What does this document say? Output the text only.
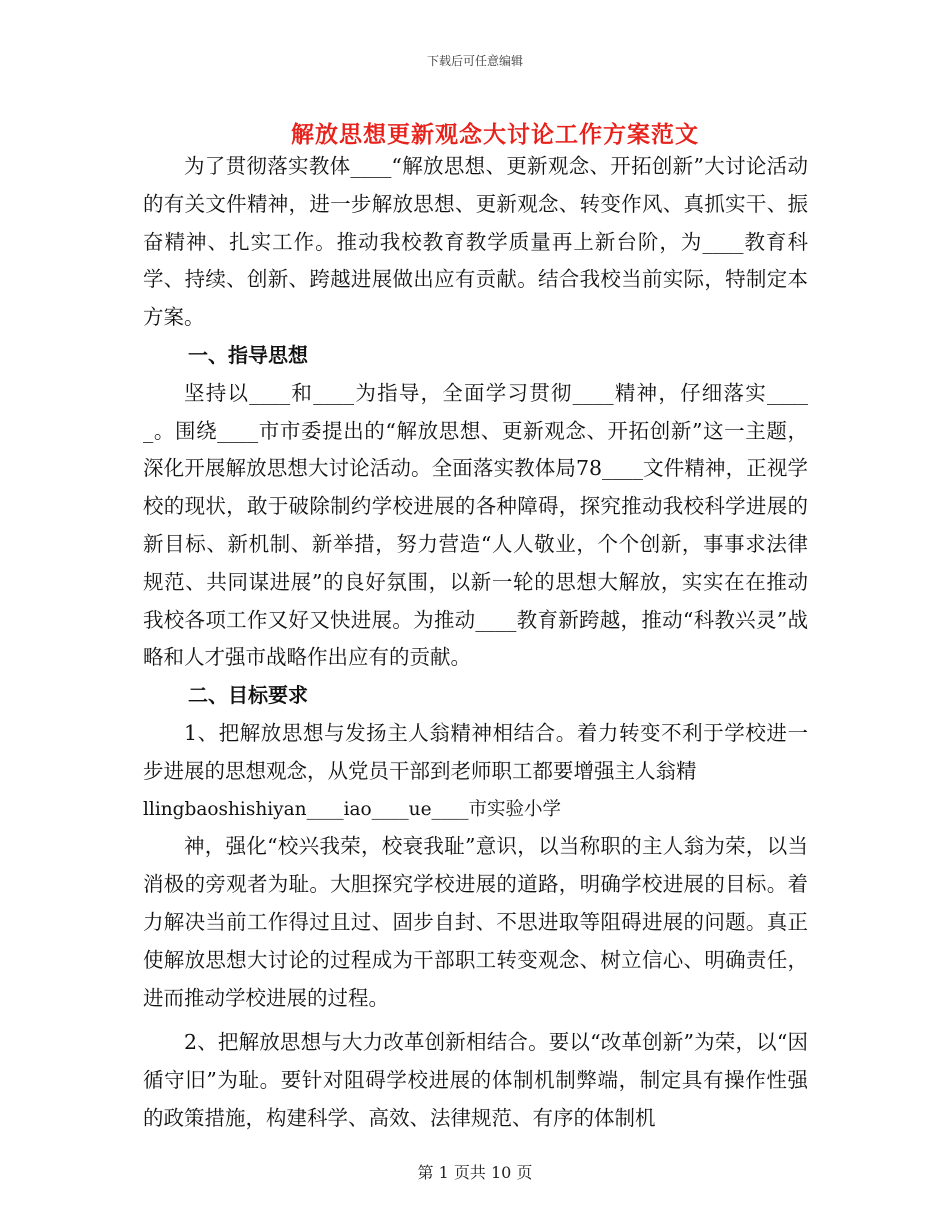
下载后可任意编辑
解放思想更新观念大讨论工作方案范文

为了贯彻落实教体____“解放思想、更新观念、开拓创新”大讨论活动的有关文件精神，进一步解放思想、更新观念、转变作风、真抓实干、振奋精神、扎实工作。推动我校教育教学质量再上新台阶，为____教育科学、持续、创新、跨越进展做出应有贡献。结合我校当前实际，特制定本方案。

一、指导思想

坚持以____和____为指导，全面学习贯彻____精神，仔细落实_____。围绕____市市委提出的“解放思想、更新观念、开拓创新”这一主题，深化开展解放思想大讨论活动。全面落实教体局78____文件精神，正视学校的现状，敢于破除制约学校进展的各种障碍，探究推动我校科学进展的新目标、新机制、新举措，努力营造“人人敬业，个个创新，事事求法律规范、共同谋进展”的良好氛围，以新一轮的思想大解放，实实在在推动我校各项工作又好又快进展。为推动____教育新跨越，推动“科教兴灵”战略和人才强市战略作出应有的贡献。

二、目标要求

1、把解放思想与发扬主人翁精神相结合。着力转变不利于学校进一步进展的思想观念，从党员干部到老师职工都要增强主人翁精

llingbaoshishiyan____iao____ue____市实验小学

神，强化“校兴我荣，校衰我耻”意识，以当称职的主人翁为荣，以当消极的旁观者为耻。大胆探究学校进展的道路，明确学校进展的目标。着力解决当前工作得过且过、固步自封、不思进取等阻碍进展的问题。真正使解放思想大讨论的过程成为干部职工转变观念、树立信心、明确责任，进而推动学校进展的过程。

2、把解放思想与大力改革创新相结合。要以“改革创新”为荣，以“因循守旧”为耻。要针对阻碍学校进展的体制机制弊端，制定具有操作性强的政策措施，构建科学、高效、法律规范、有序的体制机

第 1 页共 10 页
